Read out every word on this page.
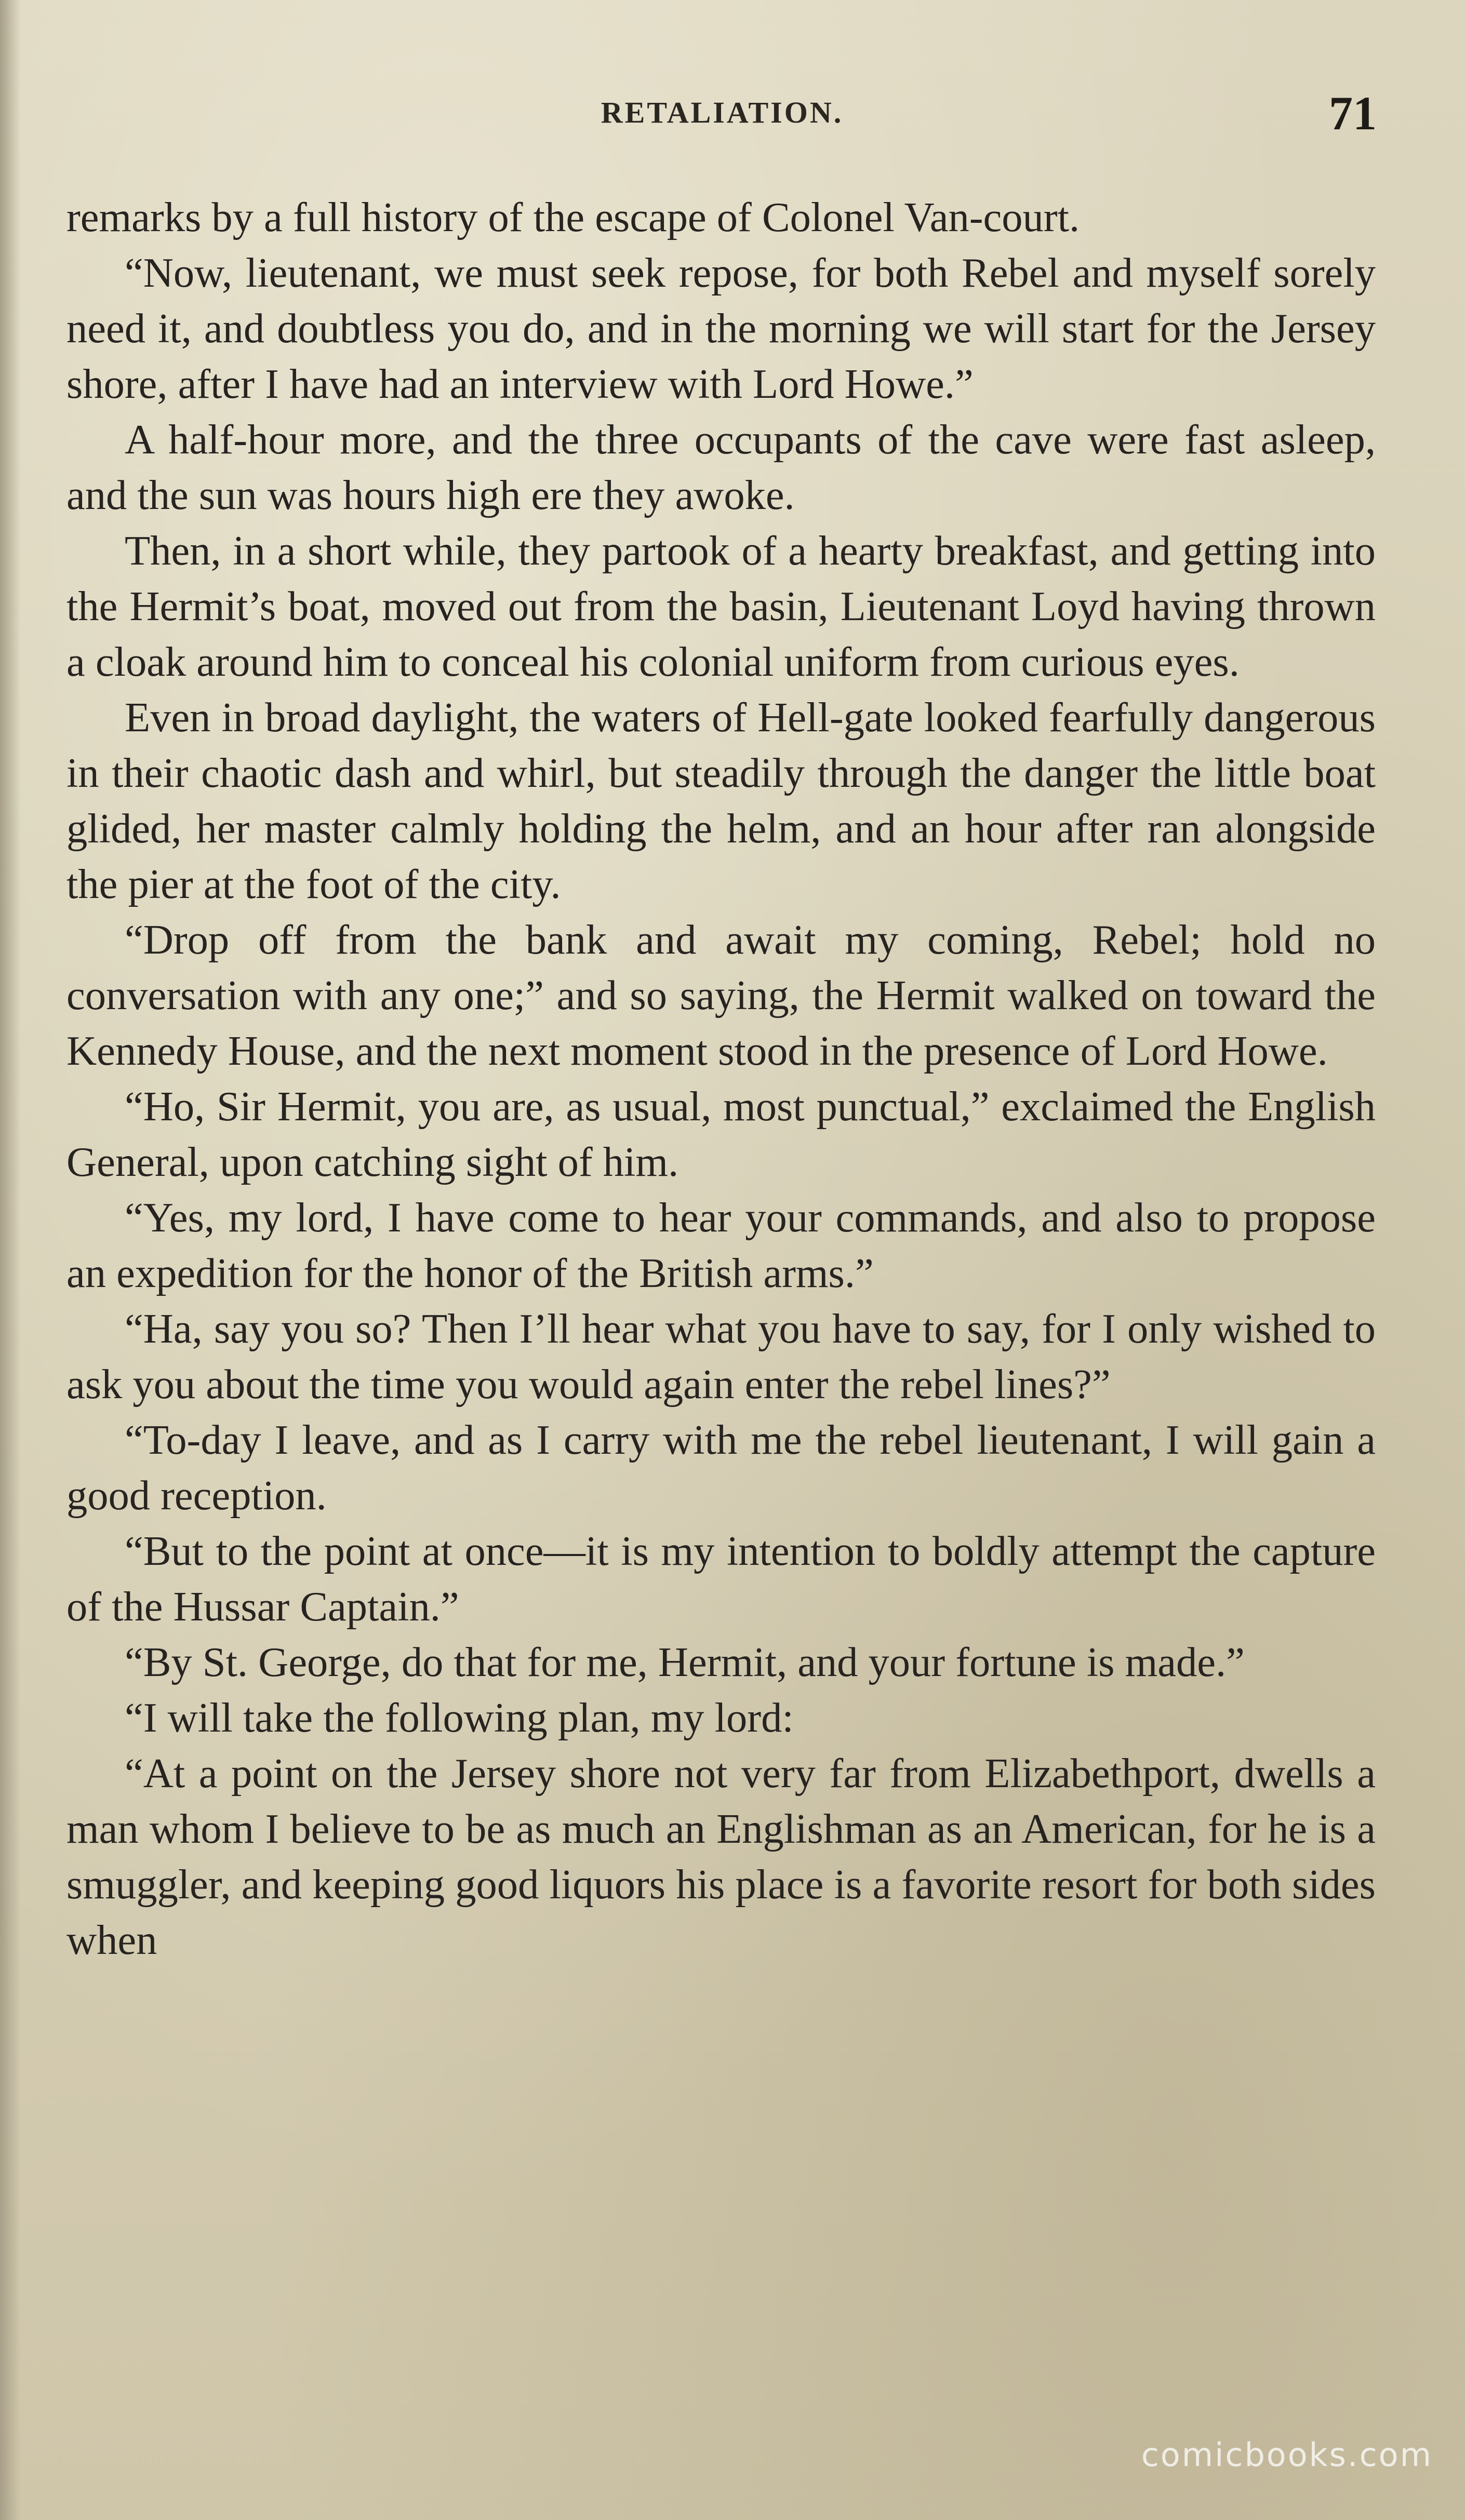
RETALIATION.	71

remarks by a full history of the escape of Colonel Van-court.

“Now, lieutenant, we must seek repose, for both Rebel and myself sorely need it, and doubtless you do, and in the morning we will start for the Jersey shore, after I have had an interview with Lord Howe.”

A half-hour more, and the three occupants of the cave were fast asleep, and the sun was hours high ere they awoke.

Then, in a short while, they partook of a hearty breakfast, and getting into the Hermit’s boat, moved out from the basin, Lieutenant Loyd having thrown a cloak around him to conceal his colonial uniform from curious eyes.

Even in broad daylight, the waters of Hell-gate looked fearfully dangerous in their chaotic dash and whirl, but steadily through the danger the little boat glided, her master calmly holding the helm, and an hour after ran alongside the pier at the foot of the city.

“Drop off from the bank and await my coming, Rebel; hold no conversation with any one;” and so saying, the Hermit walked on toward the Kennedy House, and the next moment stood in the presence of Lord Howe.

“Ho, Sir Hermit, you are, as usual, most punctual,” exclaimed the English General, upon catching sight of him.

“Yes, my lord, I have come to hear your commands, and also to propose an expedition for the honor of the British arms.”

“Ha, say you so? Then I’ll hear what you have to say, for I only wished to ask you about the time you would again enter the rebel lines?”

“To-day I leave, and as I carry with me the rebel lieutenant, I will gain a good reception.

“But to the point at once—it is my intention to boldly attempt the capture of the Hussar Captain.”

“By St. George, do that for me, Hermit, and your fortune is made.”

“I will take the following plan, my lord:

“At a point on the Jersey shore not very far from Elizabethport, dwells a man whom I believe to be as much an Englishman as an American, for he is a smuggler, and keeping good liquors his place is a favorite resort for both sides when

comicbooks.com
